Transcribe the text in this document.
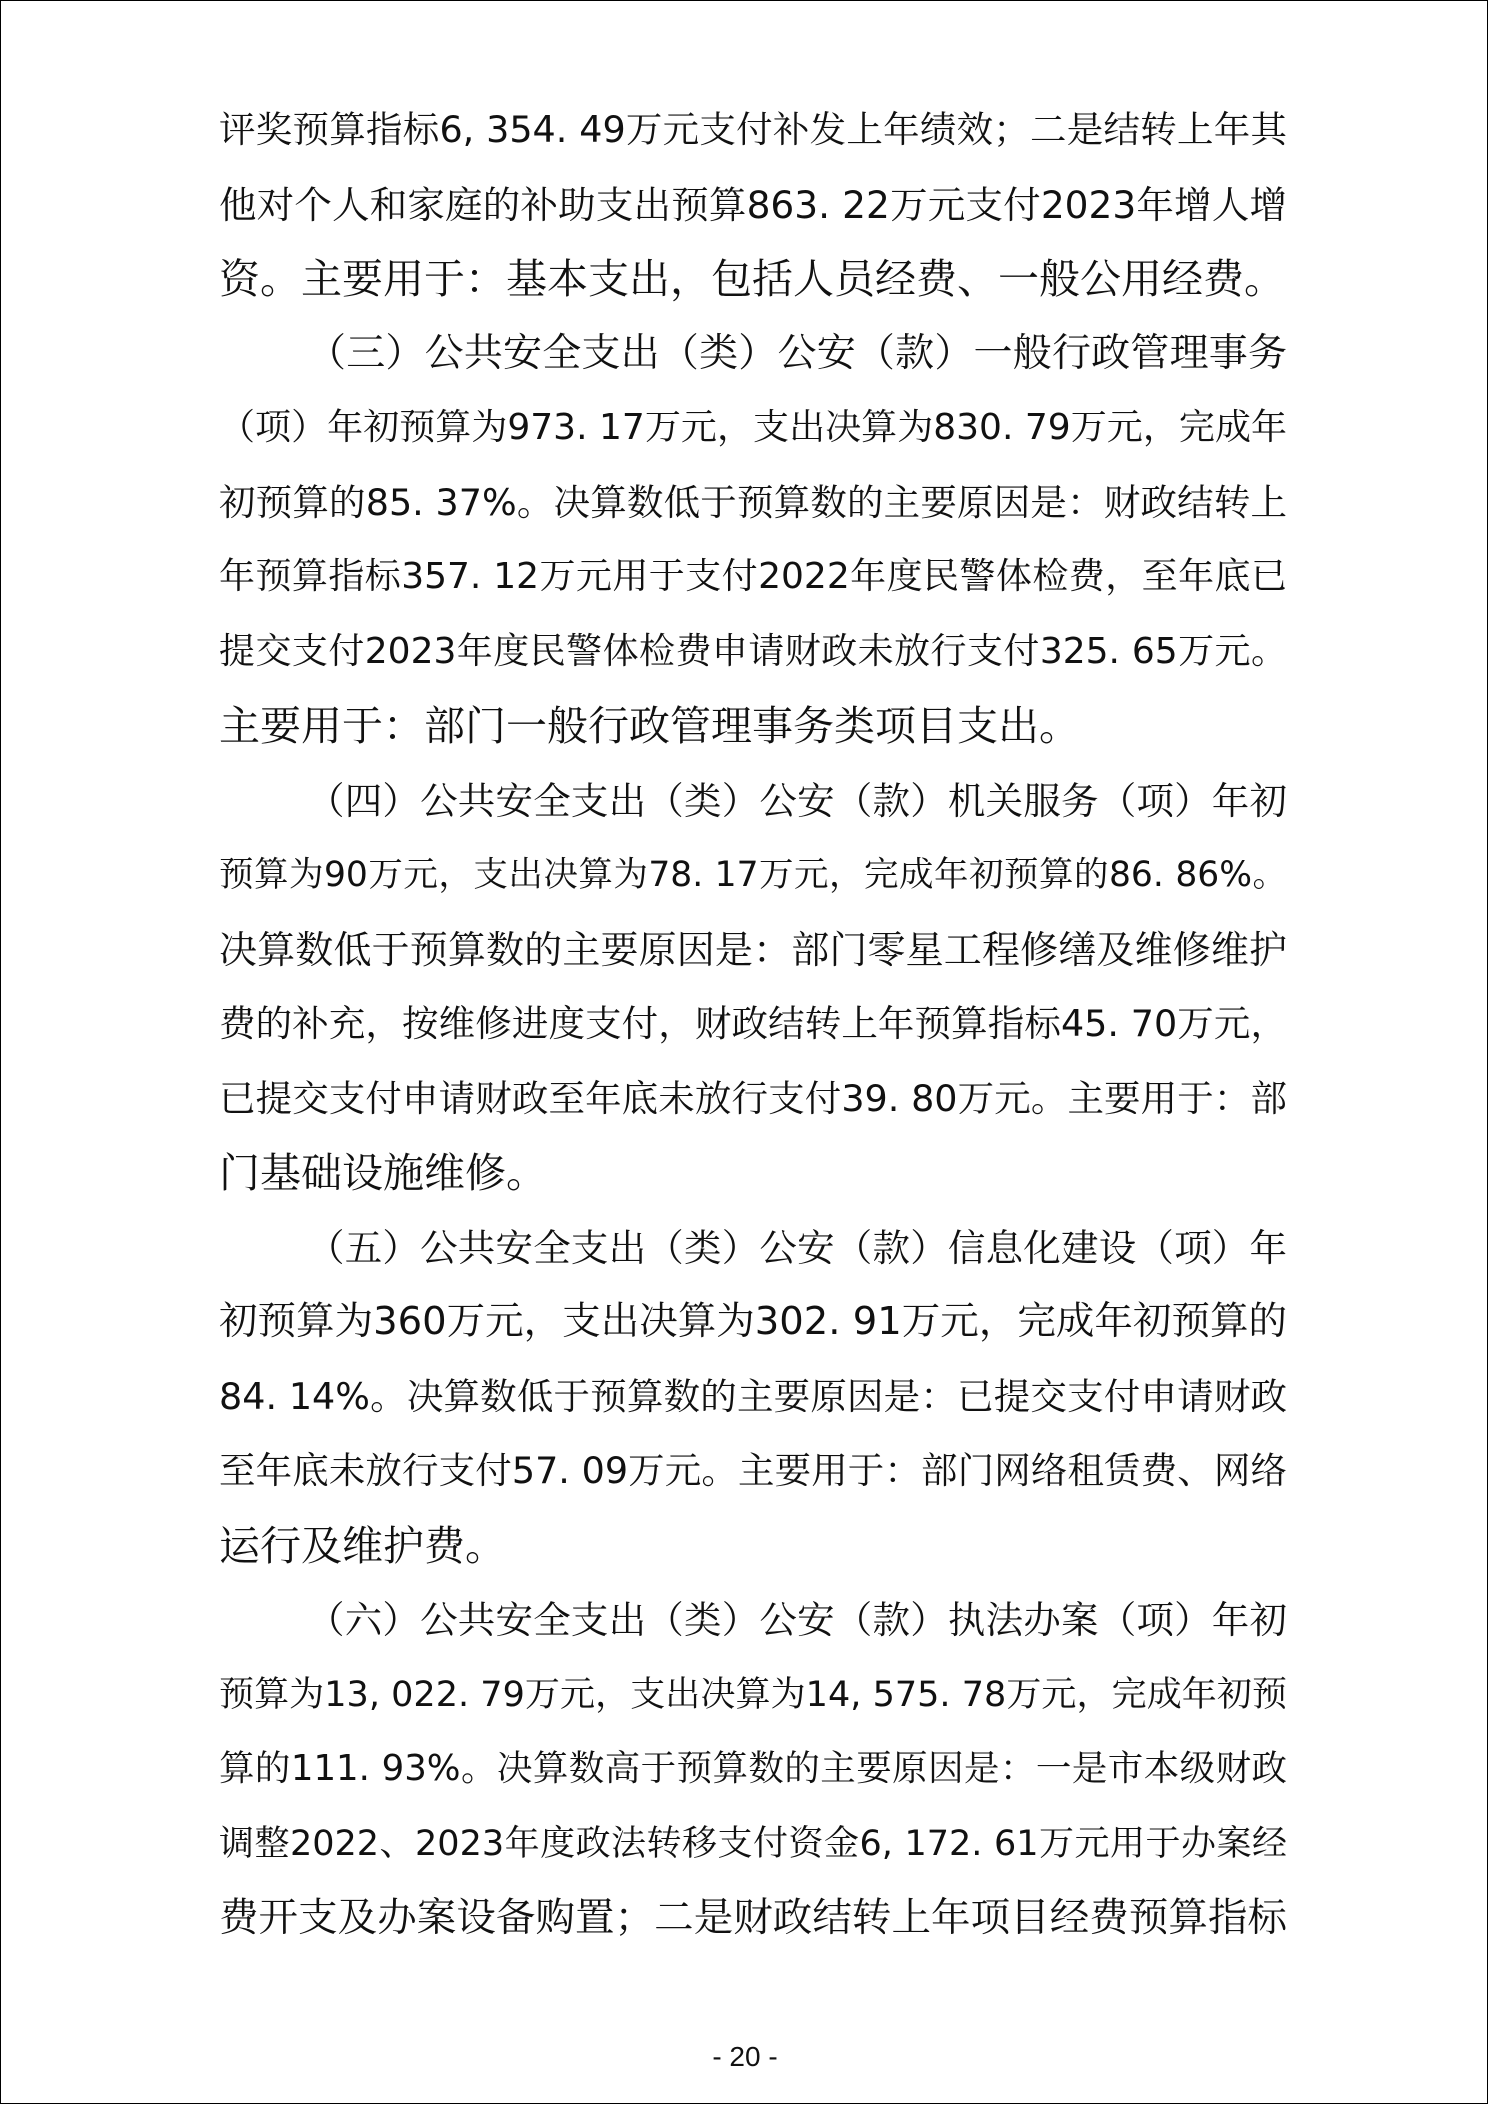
评奖预算指标6, 354. 49万元支付补发上年绩效；二是结转上年其
他对个人和家庭的补助支出预算863. 22万元支付2023年增人增
资。主要用于：基本支出，包括人员经费、一般公用经费。
（三）公共安全支出（类）公安（款）一般行政管理事务
（项）年初预算为973. 17万元，支出决算为830. 79万元，完成年
初预算的85. 37%。决算数低于预算数的主要原因是：财政结转上
年预算指标357. 12万元用于支付2022年度民警体检费，至年底已
提交支付2023年度民警体检费申请财政未放行支付325. 65万元。
主要用于：部门一般行政管理事务类项目支出。
（四）公共安全支出（类）公安（款）机关服务（项）年初
预算为90万元，支出决算为78. 17万元，完成年初预算的86. 86%。
决算数低于预算数的主要原因是：部门零星工程修缮及维修维护
费的补充，按维修进度支付，财政结转上年预算指标45. 70万元，
已提交支付申请财政至年底未放行支付39. 80万元。主要用于：部
门基础设施维修。
（五）公共安全支出（类）公安（款）信息化建设（项）年
初预算为360万元，支出决算为302. 91万元，完成年初预算的
84. 14%。决算数低于预算数的主要原因是：已提交支付申请财政
至年底未放行支付57. 09万元。主要用于：部门网络租赁费、网络
运行及维护费。
（六）公共安全支出（类）公安（款）执法办案（项）年初
预算为13, 022. 79万元，支出决算为14, 575. 78万元，完成年初预
算的111. 93%。决算数高于预算数的主要原因是：一是市本级财政
调整2022、2023年度政法转移支付资金6, 172. 61万元用于办案经
费开支及办案设备购置；二是财政结转上年项目经费预算指标
- 20 -
